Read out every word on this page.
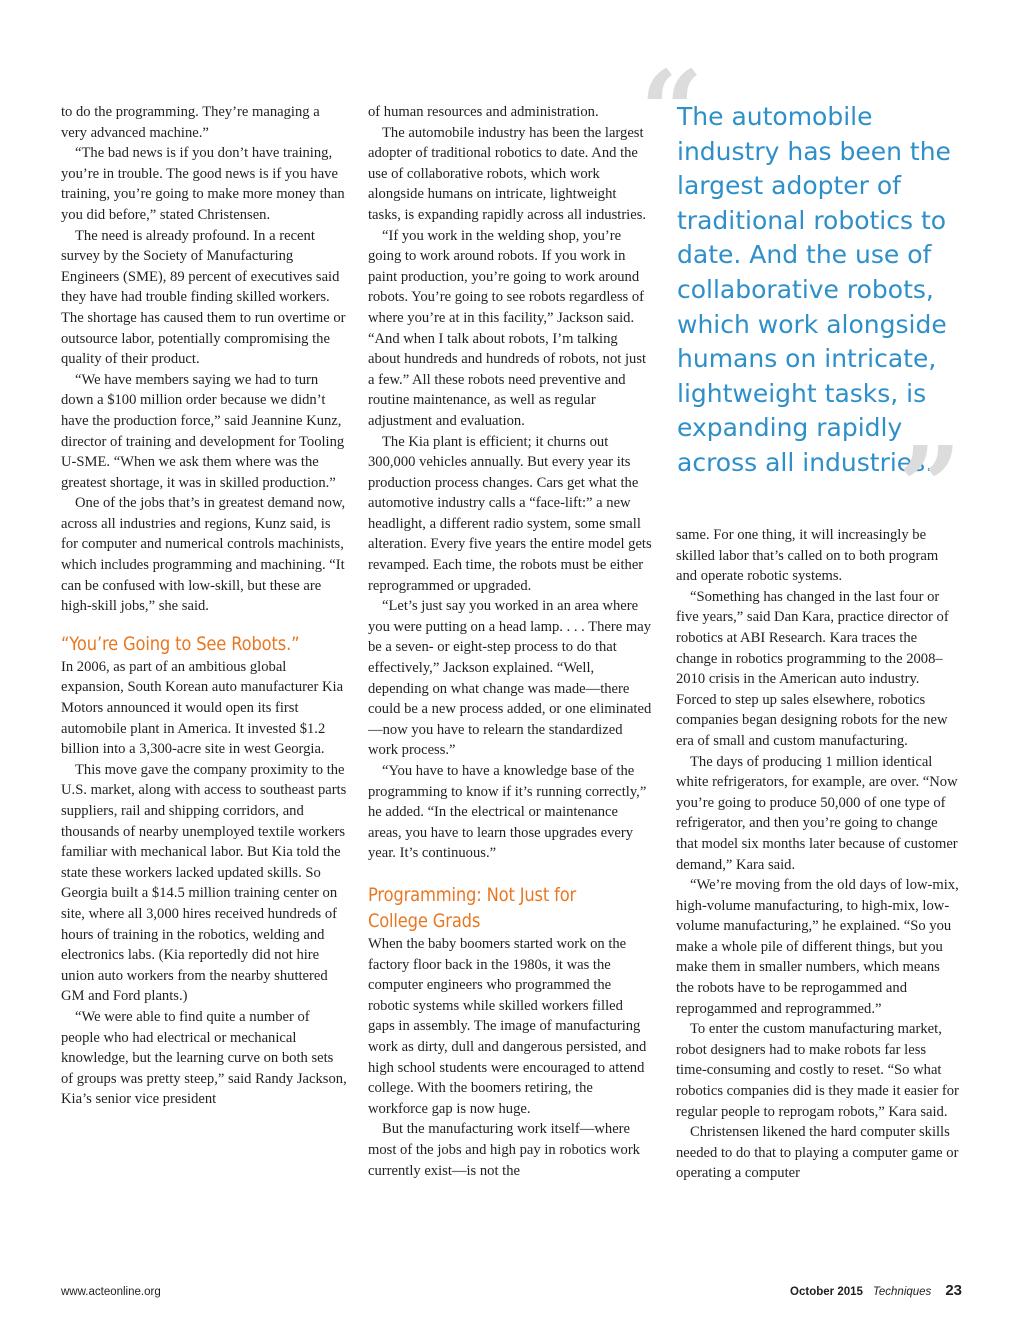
to do the programming. They’re managing a very advanced machine.”

“The bad news is if you don’t have training, you’re in trouble. The good news is if you have training, you’re going to make more money than you did before,” stated Christensen.

The need is already profound. In a recent survey by the Society of Manufacturing Engineers (SME), 89 percent of executives said they have had trouble finding skilled workers. The shortage has caused them to run overtime or outsource labor, potentially compromising the quality of their product.

“We have members saying we had to turn down a $100 million order because we didn’t have the production force,” said Jeannine Kunz, director of training and development for Tooling U-SME. “When we ask them where was the greatest shortage, it was in skilled production.”

One of the jobs that’s in greatest demand now, across all industries and regions, Kunz said, is for computer and numerical controls machinists, which includes programming and machining. “It can be confused with low-skill, but these are high-skill jobs,” she said.

“You’re Going to See Robots.”

In 2006, as part of an ambitious global expansion, South Korean auto manufacturer Kia Motors announced it would open its first automobile plant in America. It invested $1.2 billion into a 3,300-acre site in west Georgia.

This move gave the company proximity to the U.S. market, along with access to southeast parts suppliers, rail and shipping corridors, and thousands of nearby unemployed textile workers familiar with mechanical labor. But Kia told the state these workers lacked updated skills. So Georgia built a $14.5 million training center on site, where all 3,000 hires received hundreds of hours of training in the robotics, welding and electronics labs. (Kia reportedly did not hire union auto workers from the nearby shuttered GM and Ford plants.)

“We were able to find quite a number of people who had electrical or mechanical knowledge, but the learning curve on both sets of groups was pretty steep,” said Randy Jackson, Kia’s senior vice president

of human resources and administration.

The automobile industry has been the largest adopter of traditional robotics to date. And the use of collaborative robots, which work alongside humans on intricate, lightweight tasks, is expanding rapidly across all industries.

“If you work in the welding shop, you’re going to work around robots. If you work in paint production, you’re going to work around robots. You’re going to see robots regardless of where you’re at in this facility,” Jackson said. “And when I talk about robots, I’m talking about hundreds and hundreds of robots, not just a few.” All these robots need preventive and routine maintenance, as well as regular adjustment and evaluation.

The Kia plant is efficient; it churns out 300,000 vehicles annually. But every year its production process changes. Cars get what the automotive industry calls a “face-lift:” a new headlight, a different radio system, some small alteration. Every five years the entire model gets revamped. Each time, the robots must be either reprogrammed or upgraded.

“Let’s just say you worked in an area where you were putting on a head lamp. . . . There may be a seven- or eight-step process to do that effectively,” Jackson explained. “Well, depending on what change was made—there could be a new process added, or one eliminated—now you have to relearn the standardized work process.”

“You have to have a knowledge base of the programming to know if it’s running correctly,” he added. “In the electrical or maintenance areas, you have to learn those upgrades every year. It’s continuous.”

Programming: Not Just for
College Grads

When the baby boomers started work on the factory floor back in the 1980s, it was the computer engineers who programmed the robotic systems while skilled workers filled gaps in assembly. The image of manufacturing work as dirty, dull and dangerous persisted, and high school students were encouraged to attend college. With the boomers retiring, the workforce gap is now huge.

But the manufacturing work itself—where most of the jobs and high pay in robotics work currently exist—is not the

“
The automobile industry has been the largest adopter of traditional robotics to date. And the use of collaborative robots, which work alongside humans on intricate, lightweight tasks, is expanding rapidly across all industries.
”

same. For one thing, it will increasingly be skilled labor that’s called on to both program and operate robotic systems.

“Something has changed in the last four or five years,” said Dan Kara, practice director of robotics at ABI Research. Kara traces the change in robotics programming to the 2008–2010 crisis in the American auto industry. Forced to step up sales elsewhere, robotics companies began designing robots for the new era of small and custom manufacturing.

The days of producing 1 million identical white refrigerators, for example, are over. “Now you’re going to produce 50,000 of one type of refrigerator, and then you’re going to change that model six months later because of customer demand,” Kara said.

“We’re moving from the old days of low-mix, high-volume manufacturing, to high-mix, low-volume manufacturing,” he explained. “So you make a whole pile of different things, but you make them in smaller numbers, which means the robots have to be reprogammed and reprogammed and reprogrammed.”

To enter the custom manufacturing market, robot designers had to make robots far less time-consuming and costly to reset. “So what robotics companies did is they made it easier for regular people to reprogam robots,” Kara said.

Christensen likened the hard computer skills needed to do that to playing a computer game or operating a computer

www.acteonline.org	October 2015 Techniques 23
